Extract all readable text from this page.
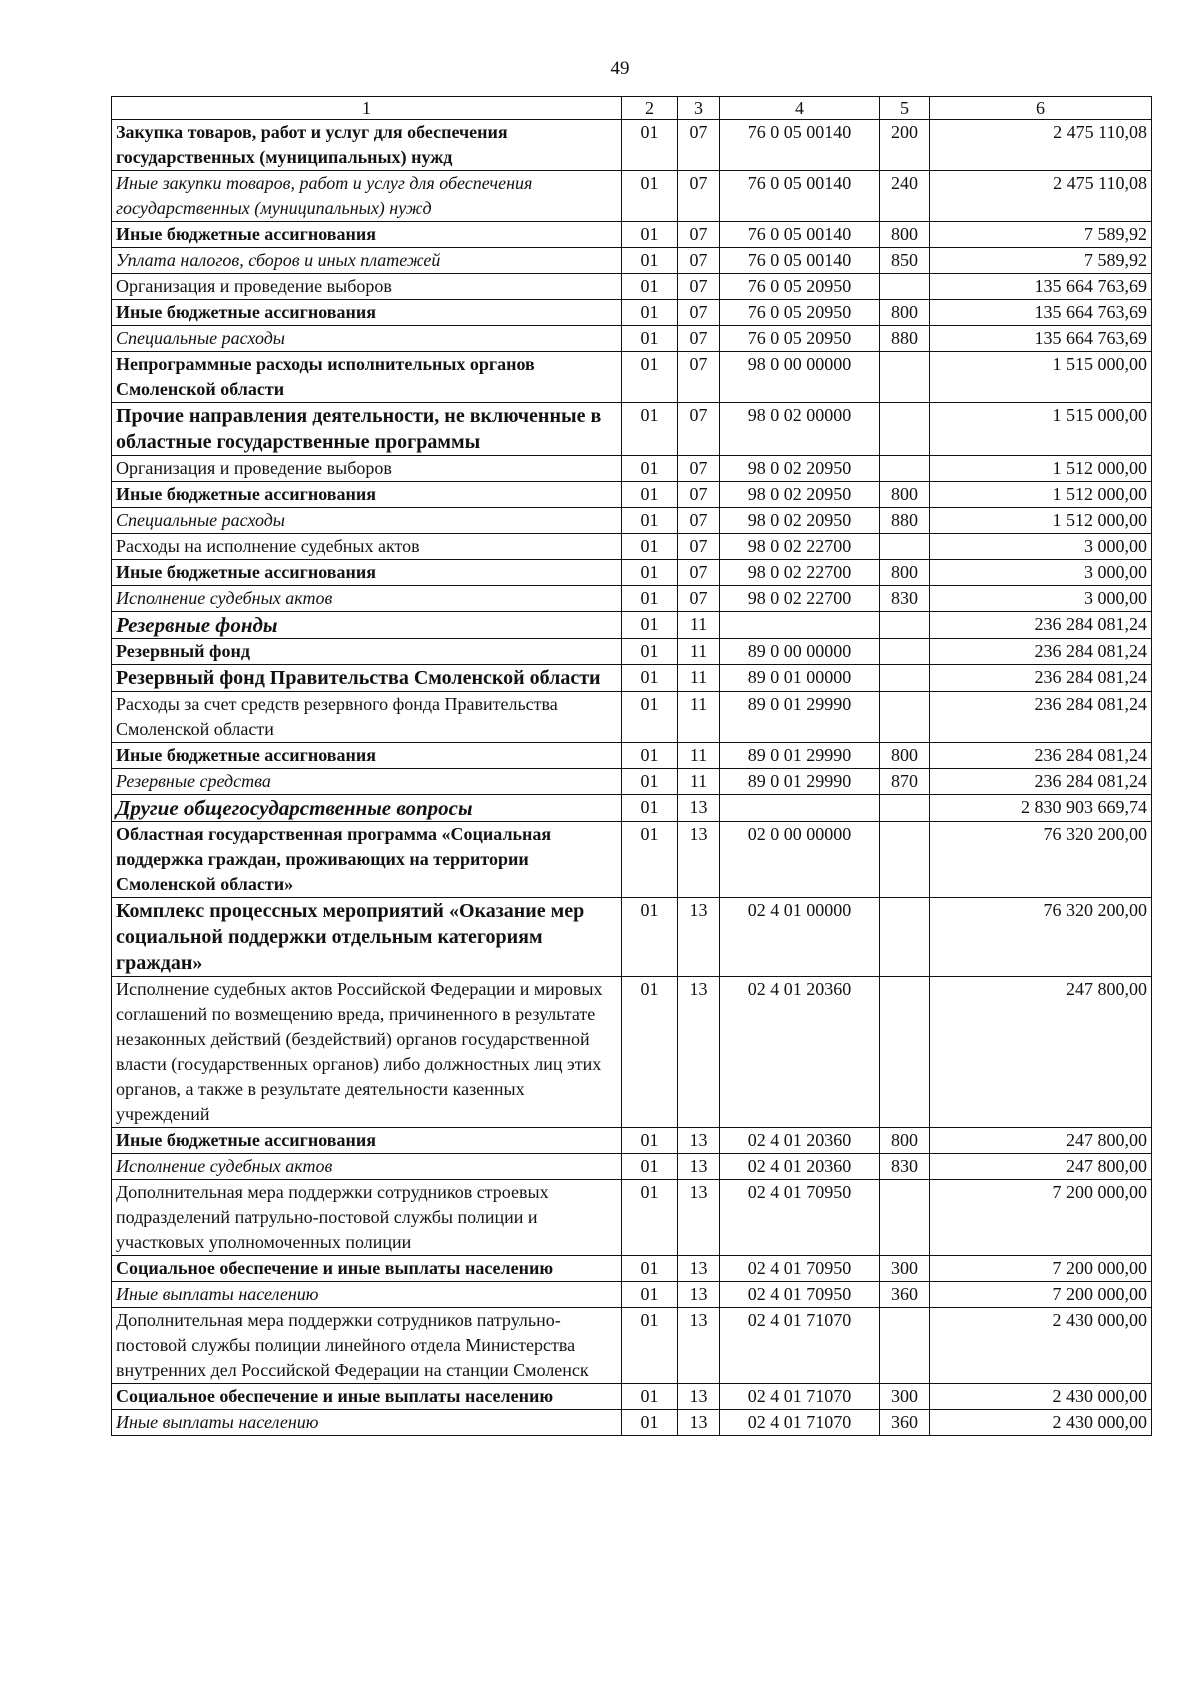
49
1	2	3	4	5	6
Закупка товаров, работ и услуг для обеспечения государственных (муниципальных) нужд	01	07	76 0 05 00140	200	2 475 110,08
Иные закупки товаров, работ и услуг для обеспечения государственных (муниципальных) нужд	01	07	76 0 05 00140	240	2 475 110,08
Иные бюджетные ассигнования	01	07	76 0 05 00140	800	7 589,92
Уплата налогов, сборов и иных платежей	01	07	76 0 05 00140	850	7 589,92
Организация и проведение выборов	01	07	76 0 05 20950		135 664 763,69
Иные бюджетные ассигнования	01	07	76 0 05 20950	800	135 664 763,69
Специальные расходы	01	07	76 0 05 20950	880	135 664 763,69
Непрограммные расходы исполнительных органов Смоленской области	01	07	98 0 00 00000		1 515 000,00
Прочие направления деятельности, не включенные в областные государственные программы	01	07	98 0 02 00000		1 515 000,00
Организация и проведение выборов	01	07	98 0 02 20950		1 512 000,00
Иные бюджетные ассигнования	01	07	98 0 02 20950	800	1 512 000,00
Специальные расходы	01	07	98 0 02 20950	880	1 512 000,00
Расходы на исполнение судебных актов	01	07	98 0 02 22700		3 000,00
Иные бюджетные ассигнования	01	07	98 0 02 22700	800	3 000,00
Исполнение судебных актов	01	07	98 0 02 22700	830	3 000,00
Резервные фонды	01	11			236 284 081,24
Резервный фонд	01	11	89 0 00 00000		236 284 081,24
Резервный фонд Правительства Смоленской области	01	11	89 0 01 00000		236 284 081,24
Расходы за счет средств резервного фонда Правительства Смоленской области	01	11	89 0 01 29990		236 284 081,24
Иные бюджетные ассигнования	01	11	89 0 01 29990	800	236 284 081,24
Резервные средства	01	11	89 0 01 29990	870	236 284 081,24
Другие общегосударственные вопросы	01	13			2 830 903 669,74
Областная государственная программа «Социальная поддержка граждан, проживающих на территории Смоленской области»	01	13	02 0 00 00000		76 320 200,00
Комплекс процессных мероприятий «Оказание мер социальной поддержки отдельным категориям граждан»	01	13	02 4 01 00000		76 320 200,00
Исполнение судебных актов Российской Федерации и мировых соглашений по возмещению вреда, причиненного в результате незаконных действий (бездействий) органов государственной власти (государственных органов) либо должностных лиц этих органов, а также в результате деятельности казенных учреждений	01	13	02 4 01 20360		247 800,00
Иные бюджетные ассигнования	01	13	02 4 01 20360	800	247 800,00
Исполнение судебных актов	01	13	02 4 01 20360	830	247 800,00
Дополнительная мера поддержки сотрудников строевых подразделений патрульно-постовой службы полиции и участковых уполномоченных полиции	01	13	02 4 01 70950		7 200 000,00
Социальное обеспечение и иные выплаты населению	01	13	02 4 01 70950	300	7 200 000,00
Иные выплаты населению	01	13	02 4 01 70950	360	7 200 000,00
Дополнительная мера поддержки сотрудников патрульно-постовой службы полиции линейного отдела Министерства внутренних дел Российской Федерации на станции Смоленск	01	13	02 4 01 71070		2 430 000,00
Социальное обеспечение и иные выплаты населению	01	13	02 4 01 71070	300	2 430 000,00
Иные выплаты населению	01	13	02 4 01 71070	360	2 430 000,00
